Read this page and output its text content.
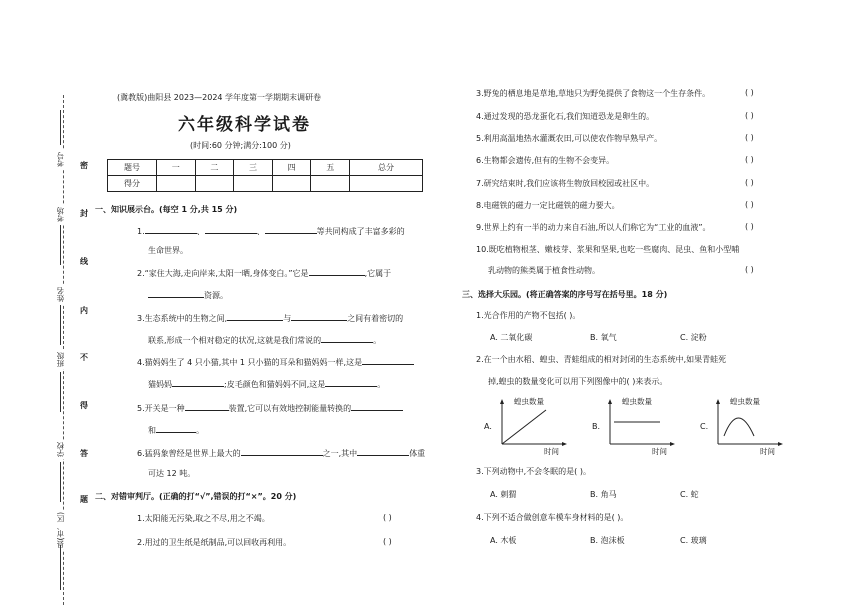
考号
考场
姓名
班级
学校
县(市、区)
密
封
线
内
不
得
答
题
(冀教版)曲阳县 2023—2024 学年度第一学期期末调研卷
六年级科学试卷
(时间:60 分钟;满分:100 分)
题号	一	二	三	四	五	总分
得分						
一、知识展示台。(每空 1 分,共 15 分)
1.	、	、	等共同构成了丰富多彩的
生命世界。
2.“家住大海,走向岸来,太阳一晒,身体变白。”它是	,它属于
资源。
3.生态系统中的生物之间,	与	之间有着密切的
联系,形成一个相对稳定的状况,这就是我们常说的	。
4.猫妈妈生了 4 只小猫,其中 1 只小猫的耳朵和猫妈妈一样,这是
猫妈妈	;皮毛颜色和猫妈妈不同,这是	。
5.开关是一种	装置,它可以有效地控制能量转换的
和	。
6.猛犸象曾经是世界上最大的	之一,其中	体重
可达 12 吨。
二、对错审判厅。(正确的打“√”,错误的打“×”。20 分)
1.太阳能无污染,取之不尽,用之不竭。	( )
2.用过的卫生纸是纸制品,可以回收再利用。	( )
3.野兔的栖息地是草地,草地只为野兔提供了食物这一个生存条件。	( )
4.通过发现的恐龙蛋化石,我们知道恐龙是卵生的。	( )
5.利用高温地热水灌溉农田,可以使农作物早熟早产。	( )
6.生物都会遗传,但有的生物不会变异。	( )
7.研究结束时,我们应该将生物放回校园或社区中。	( )
8.电磁铁的磁力一定比磁铁的磁力要大。	( )
9.世界上约有一半的动力来自石油,所以人们称它为“工业的血液”。	( )
10.既吃植物根茎、嫩枝芽、浆果和坚果,也吃一些腐肉、昆虫、鱼和小型哺
乳动物的熊类属于植食性动物。	( )
三、选择大乐园。(将正确答案的序号写在括号里。18 分)
1.光合作用的产物不包括( )。
A. 二氧化碳	B. 氧气	C. 淀粉
2.在一个由水稻、蝗虫、青蛙组成的相对封闭的生态系统中,如果青蛙死
掉,蝗虫的数量变化可以用下列图像中的( )来表示。
A.
蝗虫数量
时间
B.
蝗虫数量
时间
C.
蝗虫数量
时间
3.下列动物中,不会冬眠的是( )。
A. 刺猬	B. 角马	C. 蛇
4.下列不适合做创意车模车身材料的是( )。
A. 木板	B. 泡沫板	C. 玻璃
